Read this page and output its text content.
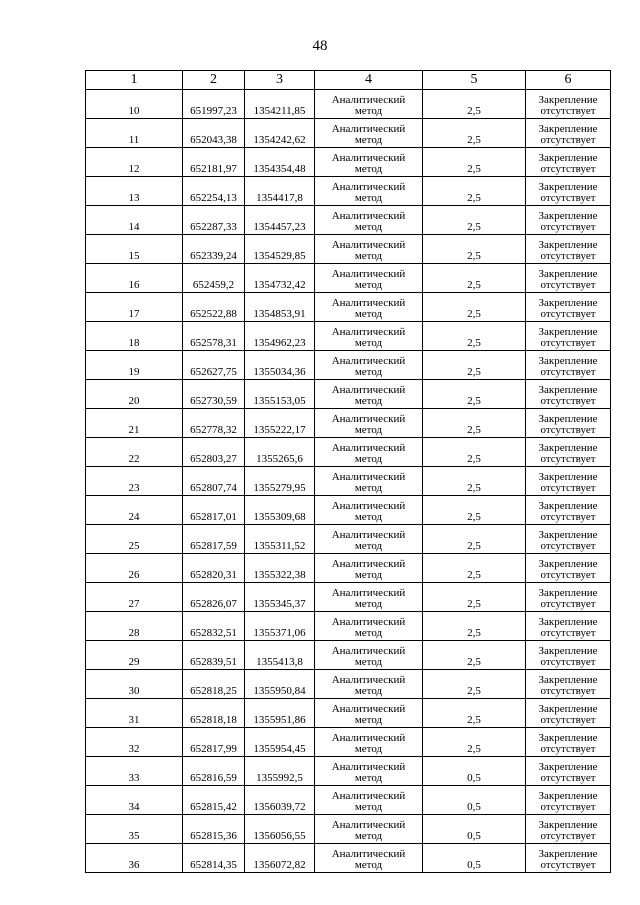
48
1	2	3	4	5	6
10	651997,23	1354211,85	Аналитический
метод	2,5	Закрепление
отсутствует

11	652043,38	1354242,62	Аналитический
метод	2,5	Закрепление
отсутствует

12	652181,97	1354354,48	Аналитический
метод	2,5	Закрепление
отсутствует

13	652254,13	1354417,8	Аналитический
метод	2,5	Закрепление
отсутствует

14	652287,33	1354457,23	Аналитический
метод	2,5	Закрепление
отсутствует

15	652339,24	1354529,85	Аналитический
метод	2,5	Закрепление
отсутствует

16	652459,2	1354732,42	Аналитический
метод	2,5	Закрепление
отсутствует

17	652522,88	1354853,91	Аналитический
метод	2,5	Закрепление
отсутствует

18	652578,31	1354962,23	Аналитический
метод	2,5	Закрепление
отсутствует

19	652627,75	1355034,36	Аналитический
метод	2,5	Закрепление
отсутствует

20	652730,59	1355153,05	Аналитический
метод	2,5	Закрепление
отсутствует

21	652778,32	1355222,17	Аналитический
метод	2,5	Закрепление
отсутствует

22	652803,27	1355265,6	Аналитический
метод	2,5	Закрепление
отсутствует

23	652807,74	1355279,95	Аналитический
метод	2,5	Закрепление
отсутствует

24	652817,01	1355309,68	Аналитический
метод	2,5	Закрепление
отсутствует

25	652817,59	1355311,52	Аналитический
метод	2,5	Закрепление
отсутствует

26	652820,31	1355322,38	Аналитический
метод	2,5	Закрепление
отсутствует

27	652826,07	1355345,37	Аналитический
метод	2,5	Закрепление
отсутствует

28	652832,51	1355371,06	Аналитический
метод	2,5	Закрепление
отсутствует

29	652839,51	1355413,8	Аналитический
метод	2,5	Закрепление
отсутствует

30	652818,25	1355950,84	Аналитический
метод	2,5	Закрепление
отсутствует

31	652818,18	1355951,86	Аналитический
метод	2,5	Закрепление
отсутствует

32	652817,99	1355954,45	Аналитический
метод	2,5	Закрепление
отсутствует

33	652816,59	1355992,5	Аналитический
метод	0,5	Закрепление
отсутствует

34	652815,42	1356039,72	Аналитический
метод	0,5	Закрепление
отсутствует

35	652815,36	1356056,55	Аналитический
метод	0,5	Закрепление
отсутствует

36	652814,35	1356072,82	Аналитический
метод	0,5	Закрепление
отсутствует
